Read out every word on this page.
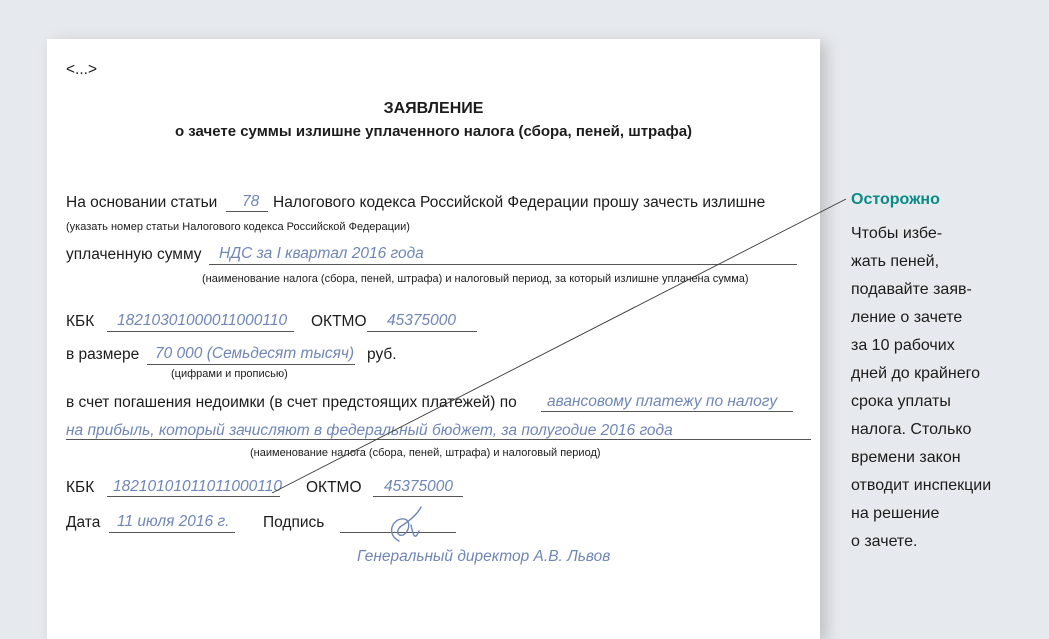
<...>
ЗАЯВЛЕНИЕ
о зачете суммы излишне уплаченного налога (сбора, пеней, штрафа)
На основании статьи 78 Налогового кодекса Российской Федерации прошу зачесть излишне
(указать номер статьи Налогового кодекса Российской Федерации)
уплаченную сумму НДС за I квартал 2016 года
(наименование налога (сбора, пеней, штрафа) и налоговый период, за который излишне уплачена сумма)
КБК 18210301000011000110 ОКТМО 45375000
в размере 70 000 (Семьдесят тысяч) руб.
(цифрами и прописью)
в счет погашения недоимки (в счет предстоящих платежей) по авансовому платежу по налогу
на прибыль, который зачисляют в федеральный бюджет, за полугодие 2016 года
(наименование налога (сбора, пеней, штрафа) и налоговый период)
КБК 18210101011011000110 ОКТМО 45375000
Дата 11 июля 2016 г. Подпись
Генеральный директор А.В. Львов
Осторожно
Чтобы избе-
жать пеней,
подавайте заяв-
ление о зачете
за 10 рабочих
дней до крайнего
срока уплаты
налога. Столько
времени закон
отводит инспекции
на решение
о зачете.
